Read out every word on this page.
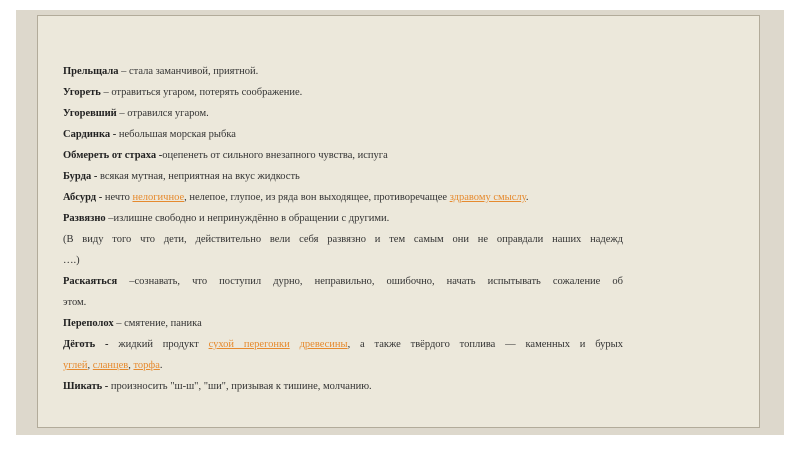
Прельщала – стала заманчивой, приятной.

Угореть – отравиться угаром, потерять соображение.

Угоревший – отравился угаром.

Сардинка - небольшая морская рыбка

Обмереть от страха -оцепенеть от сильного внезапного чувства, испуга

Бурда - всякая мутная, неприятная на вкус жидкость

Абсурд - нечто нелогичное, нелепое, глупое, из ряда вон выходящее, противоречащее здравому смыслу.

Развязно –излишне свободно и непринуждённо в обращении с другими.

(В виду того что дети, действительно вели себя развязно и тем самым они не оправдали наших надежд

….)

Раскаяться –сознавать, что поступил дурно, неправильно, ошибочно, начать испытывать сожаление об

этом.

Переполох – смятение, паника

Дёготь - жидкий продукт сухой перегонки древесины, а также твёрдого топлива — каменных и бурых

углей, сланцев, торфа.

Шикать - произносить "ш-ш", "ши", призывая к тишине, молчанию.
